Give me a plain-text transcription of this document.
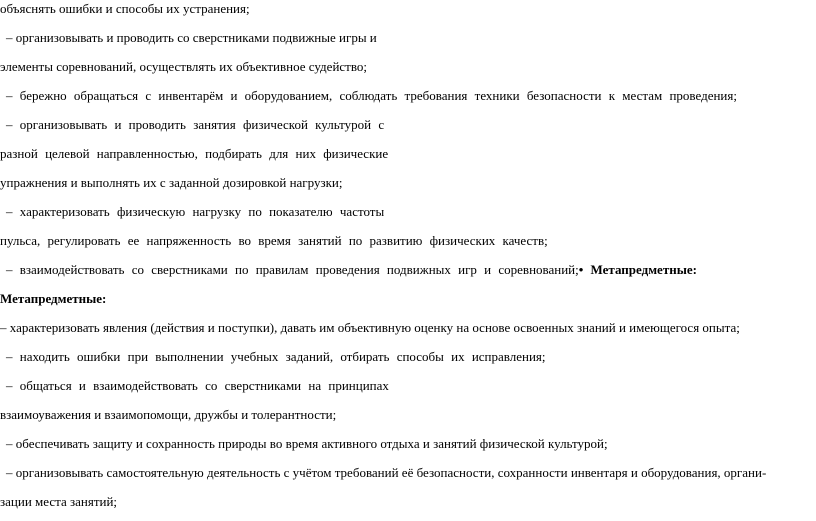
объяснять ошибки и способы их устранения;
– организовывать и проводить со сверстниками подвижные игры и
элементы соревнований, осуществлять их объективное судейство;
– бережно обращаться с инвентарём и оборудованием, соблюдать требования техники безопасности к местам проведения;
– организовывать и проводить занятия физической культурой с
разной целевой направленностью, подбирать для них физические
упражнения и выполнять их с заданной дозировкой нагрузки;
– характеризовать физическую нагрузку по показателю частоты
пульса, регулировать ее напряженность во время занятий по развитию физических качеств;
– взаимодействовать со сверстниками по правилам проведения подвижных игр и соревнований;• Метапредметные:
Метапредметные:
– характеризовать явления (действия и поступки), давать им объективную оценку на основе освоенных знаний и имеющегося опыта;
– находить ошибки при выполнении учебных заданий, отбирать способы их исправления;
– общаться и взаимодействовать со сверстниками на принципах
взаимоуважения и взаимопомощи, дружбы и толерантности;
– обеспечивать защиту и сохранность природы во время активного отдыха и занятий физической культурой;
– организовывать самостоятельную деятельность с учётом требований её безопасности, сохранности инвентаря и оборудования, органи-
зации места занятий;
